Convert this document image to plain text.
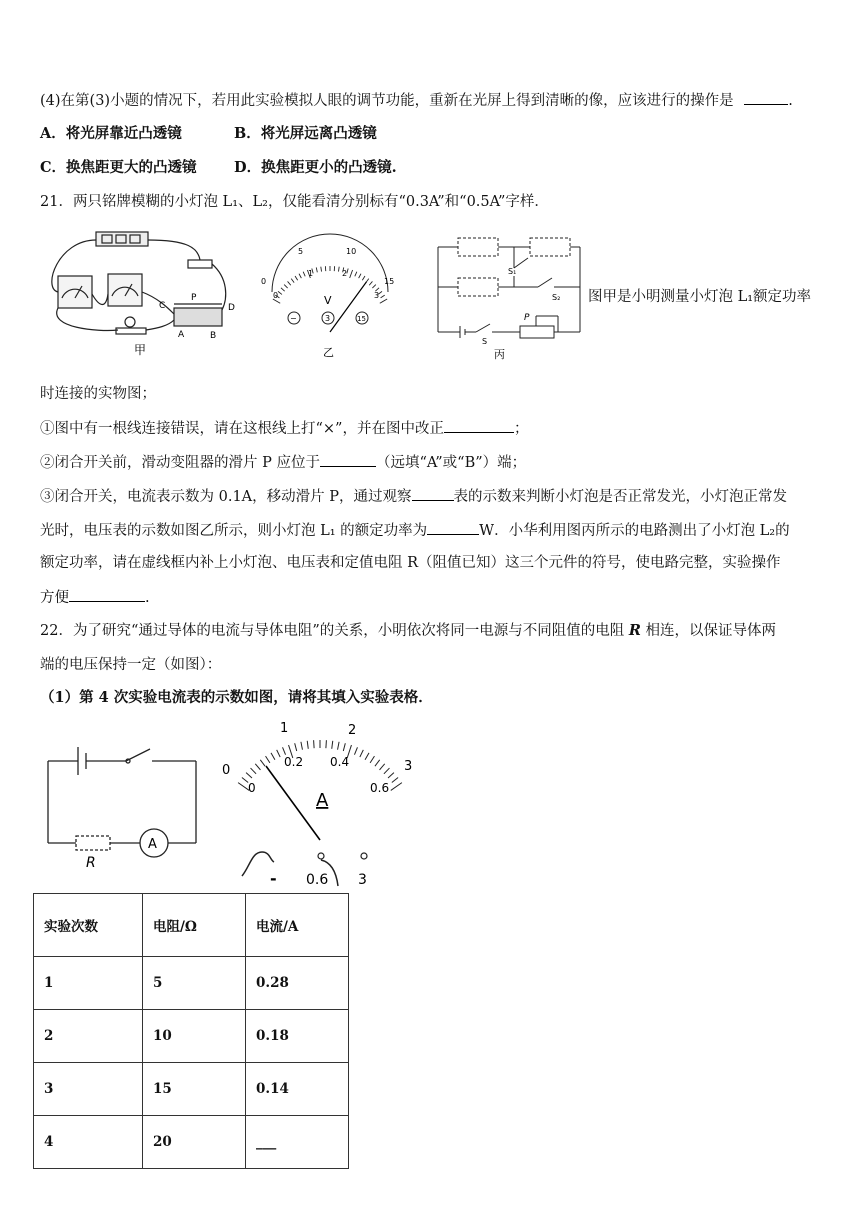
(4)在第(3)小题的情况下，若用此实验模拟人眼的调节功能，重新在光屏上得到清晰的像，应该进行的操作是	.
A．将光屏靠近凸透镜	B．将光屏远离凸透镜
C．换焦距更大的凸透镜	D．换焦距更小的凸透镜.
21．两只铭牌模糊的小灯泡 L₁、L₂，仅能看清分别标有“0.3A”和“0.5A”字样．
C
P
D
A	B
甲
0
5	10
15
0
1	2
3
V
−	3	15
乙
S₁
S₂
S
P
丙
图甲是小明测量小灯泡 L₁额定功率
时连接的实物图；
①图中有一根线连接错误，请在这根线上打“×”，并在图中改正	；
②闭合开关前，滑动变阻器的滑片 P 应位于	（远填“A”或“B”）端；
③闭合开关，电流表示数为 0.1A，移动滑片 P，通过观察	表的示数来判断小灯泡是否正常发光，小灯泡正常发
光时，电压表的示数如图乙所示，则小灯泡 L₁ 的额定功率为	W．小华利用图丙所示的电路测出了小灯泡 L₂的
额定功率，请在虚线框内补上小灯泡、电压表和定值电阻 R（阻值已知）这三个元件的符号，使电路完整，实验操作
方便	.
22．为了研究“通过导体的电流与导体电阻”的关系，小明依次将同一电源与不同阻值的电阻 R 相连，以保证导体两
端的电压保持一定（如图）：
（1）第 4 次实验电流表的示数如图，请将其填入实验表格．
A
R
0
1	2
3
0
0.2 0.4
0.6
A
- 0.6 3
实验次数	电阻/Ω	电流/A
1	5	0.28
2	10	0.18
3	15	0.14
4	20	___
